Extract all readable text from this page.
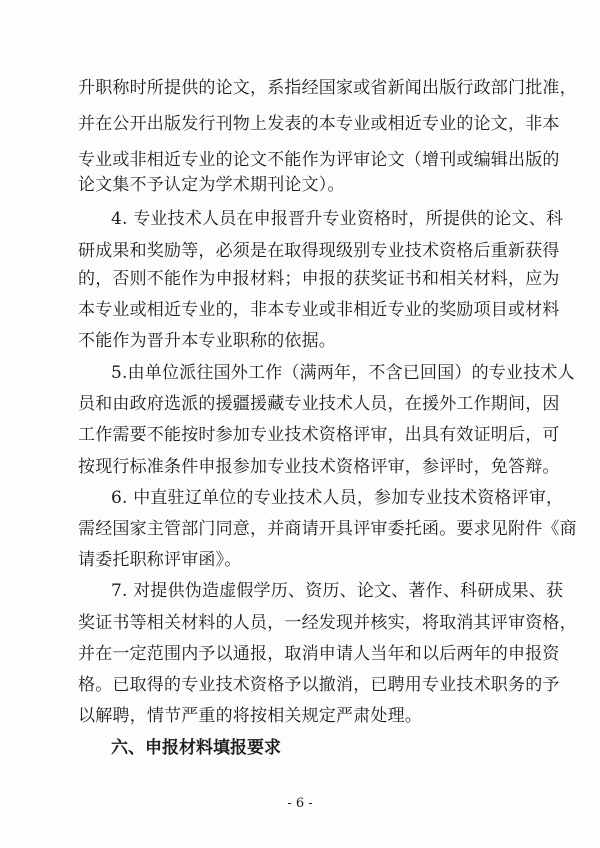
升职称时所提供的论文，系指经国家或省新闻出版行政部门批准，
并在公开出版发行刊物上发表的本专业或相近专业的论文，非本
专业或非相近专业的论文不能作为评审论文（增刊或编辑出版的
论文集不予认定为学术期刊论文）。
4. 专业技术人员在申报晋升专业资格时，所提供的论文、科
研成果和奖励等，必须是在取得现级别专业技术资格后重新获得
的，否则不能作为申报材料；申报的获奖证书和相关材料，应为
本专业或相近专业的，非本专业或非相近专业的奖励项目或材料
不能作为晋升本专业职称的依据。
5.由单位派往国外工作（满两年，不含已回国）的专业技术人
员和由政府选派的援疆援藏专业技术人员，在援外工作期间，因
工作需要不能按时参加专业技术资格评审，出具有效证明后，可
按现行标准条件申报参加专业技术资格评审，参评时，免答辩。
6. 中直驻辽单位的专业技术人员，参加专业技术资格评审，
需经国家主管部门同意，并商请开具评审委托函。要求见附件《商
请委托职称评审函》。
7. 对提供伪造虚假学历、资历、论文、著作、科研成果、获
奖证书等相关材料的人员，一经发现并核实，将取消其评审资格，
并在一定范围内予以通报，取消申请人当年和以后两年的申报资
格。已取得的专业技术资格予以撤消，已聘用专业技术职务的予
以解聘，情节严重的将按相关规定严肃处理。
六、申报材料填报要求
- 6 -
